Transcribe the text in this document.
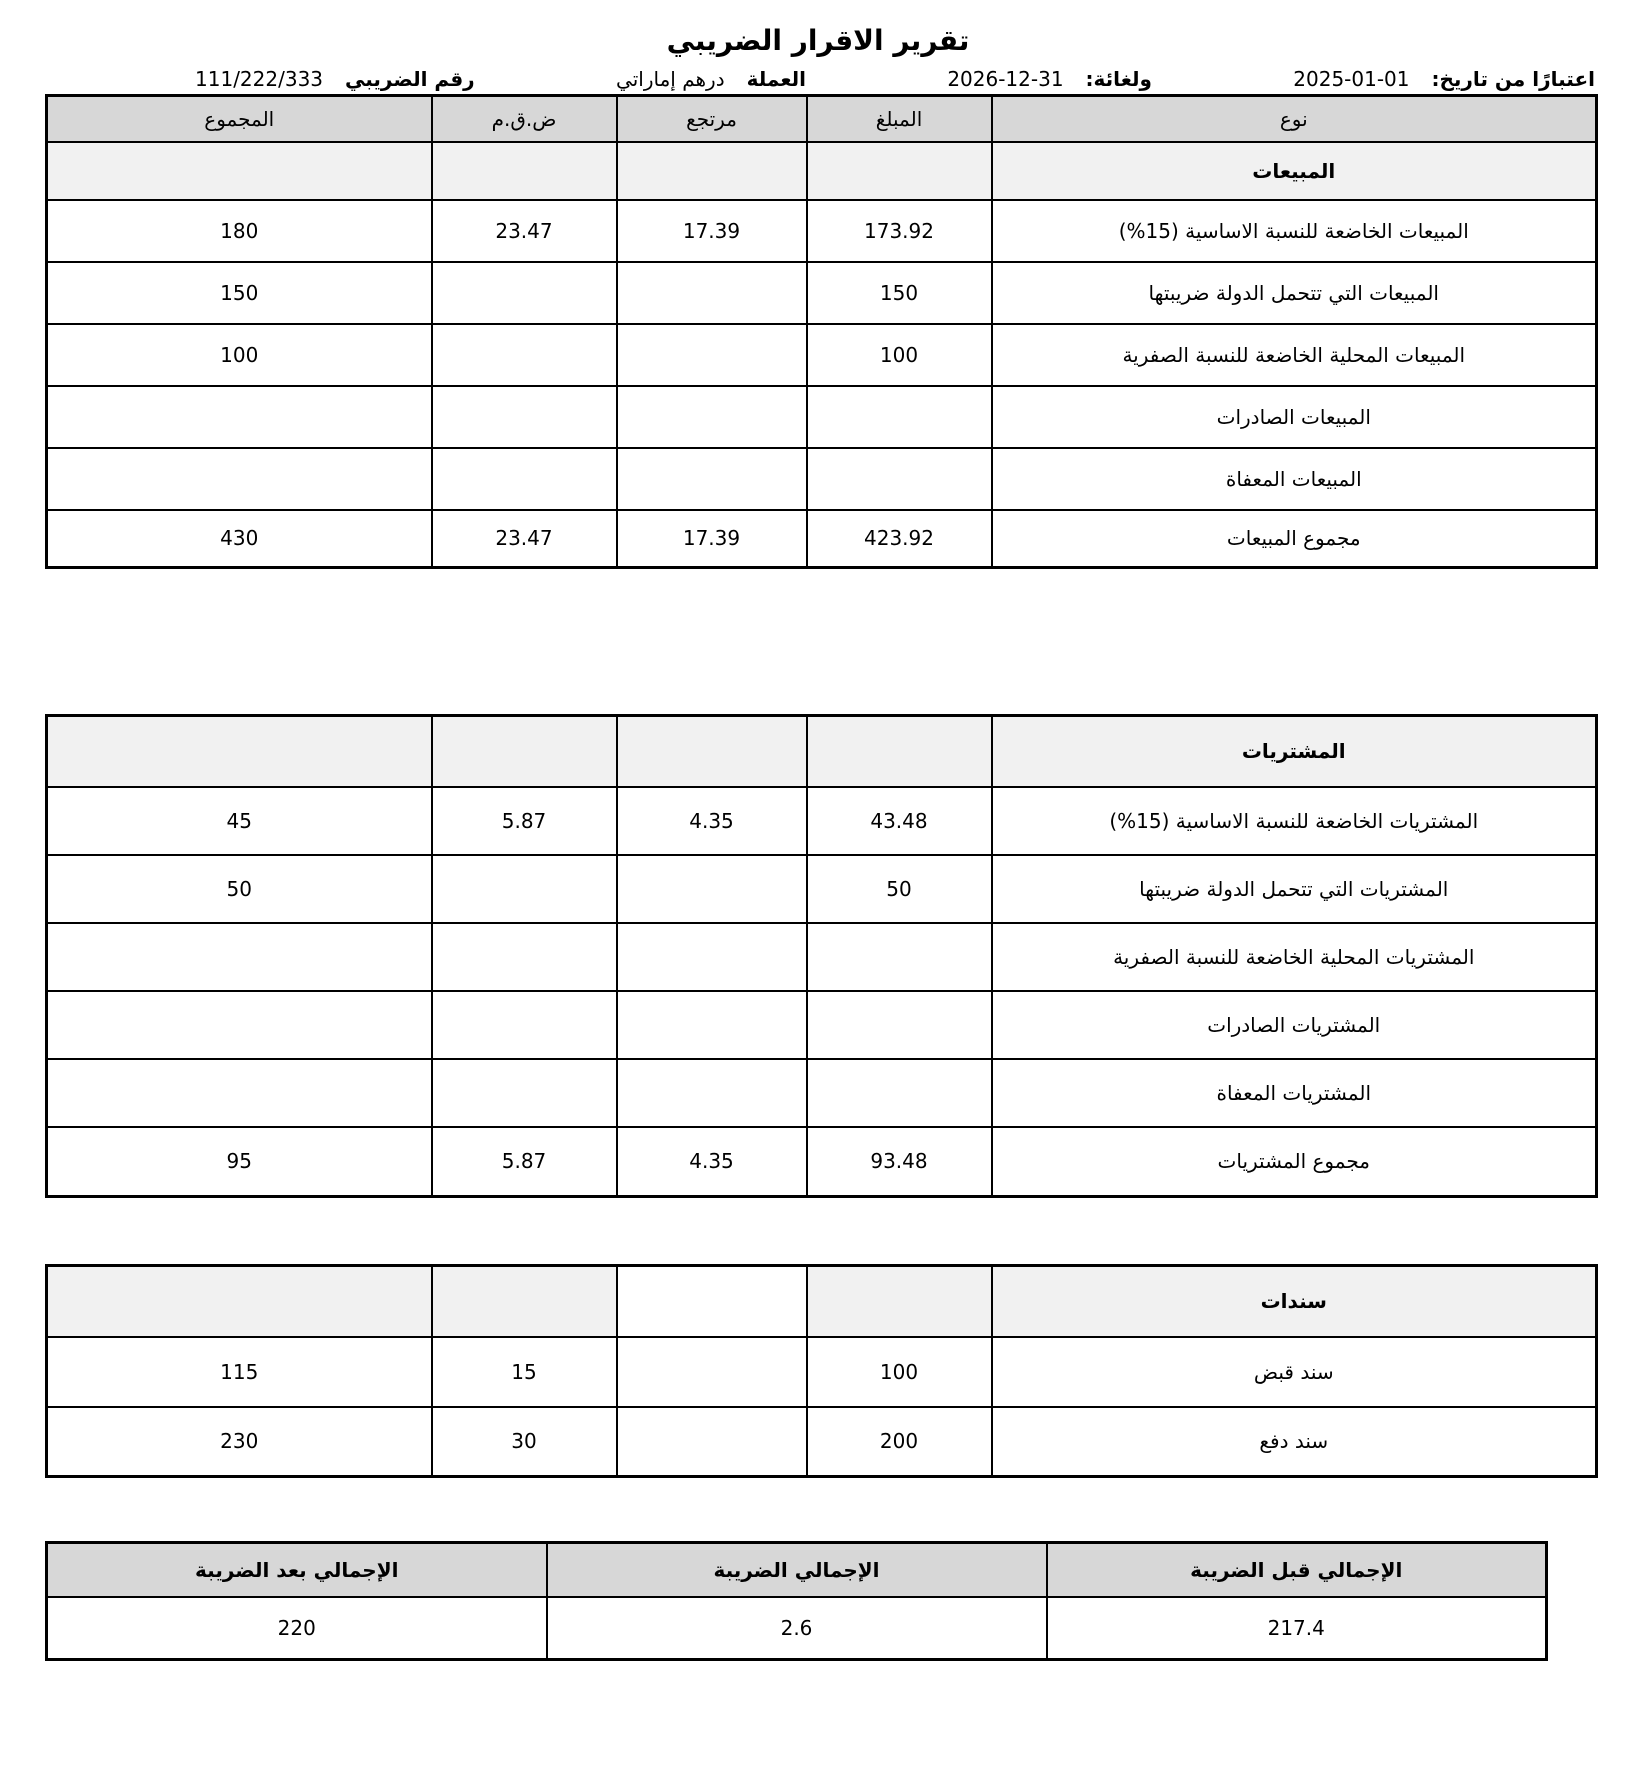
تقرير الاقرار الضريبي
اعتبارًا من تاريخ:
2025-01-01
ولغائة:
2026-12-31
العملة
درهم إماراتي
رقم الضريبي
111/222/333
نوع	المبلغ	مرتجع	ض.ق.م	المجموع
المبيعات				
المبيعات الخاضعة للنسبة الاساسية (15%)	173.92	17.39	23.47	180
المبيعات التي تتحمل الدولة ضريبتها	150			150
المبيعات المحلية الخاضعة للنسبة الصفرية	100			100
المبيعات الصادرات				
المبيعات المعفاة				
مجموع المبيعات	423.92	17.39	23.47	430
المشتريات				
المشتريات الخاضعة للنسبة الاساسية (15%)	43.48	4.35	5.87	45
المشتريات التي تتحمل الدولة ضريبتها	50			50
المشتريات المحلية الخاضعة للنسبة الصفرية				
المشتريات الصادرات				
المشتريات المعفاة				
مجموع المشتريات	93.48	4.35	5.87	95
سندات				
سند قبض	100		15	115
سند دفع	200		30	230
الإجمالي قبل الضريبة	الإجمالي الضريبة	الإجمالي بعد الضريبة
217.4	2.6	220
